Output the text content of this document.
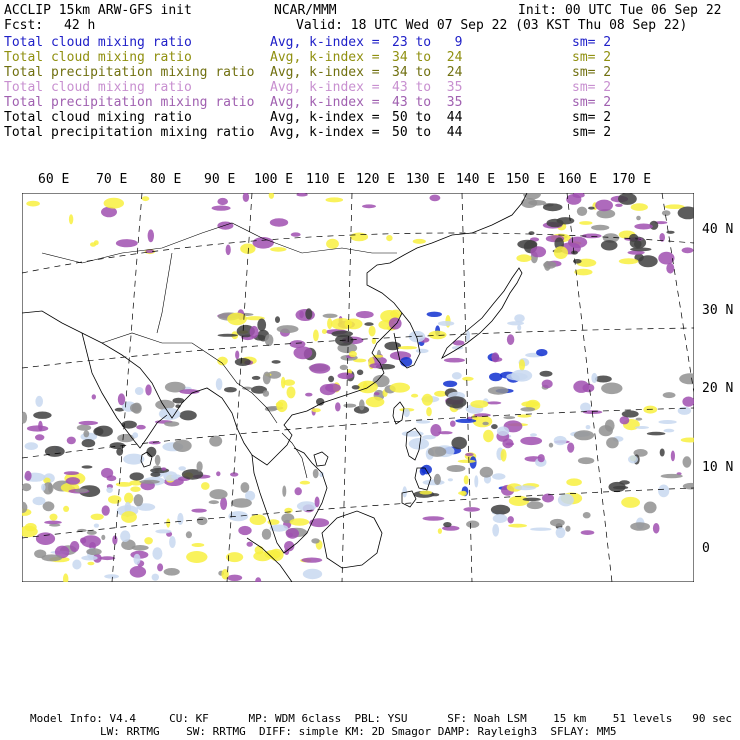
ACCLIP 15km ARW-GFS init	NCAR/MMM	Init: 00 UTC Tue 06 Sep 22
Fcst: 42 h	Valid: 18 UTC Wed 07 Sep 22 (03 KST Thu 08 Sep 22)
Total cloud mixing ratio	Avg, k-index = 23 to   9	sm= 2
Total cloud mixing ratio	Avg, k-index = 34 to  24	sm= 2
Total precipitation mixing ratio Avg, k-index = 34 to  24	sm= 2
Total cloud mixing ratio	Avg, k-index = 43 to  35	sm= 2
Total precipitation mixing ratio Avg, k-index = 43 to  35	sm= 2
Total cloud mixing ratio	Avg, k-index = 50 to  44	sm= 2
Total precipitation mixing ratio Avg, k-index = 50 to  44	sm= 2
60 E 70 E 80 E 90 E 100 E 110 E 120 E 130 E 140 E 150 E 160 E 170 E
40 N
30 N
20 N
10 N
0
Model Info: V4.4     CU: KF      MP: WDM 6class  PBL: YSU      SF: Noah LSM    15 km    51 levels   90 sec
LW: RRTMG    SW: RRTMG  DIFF: simple KM: 2D Smagor DAMP: Rayleigh3  SFLAY: MM5
